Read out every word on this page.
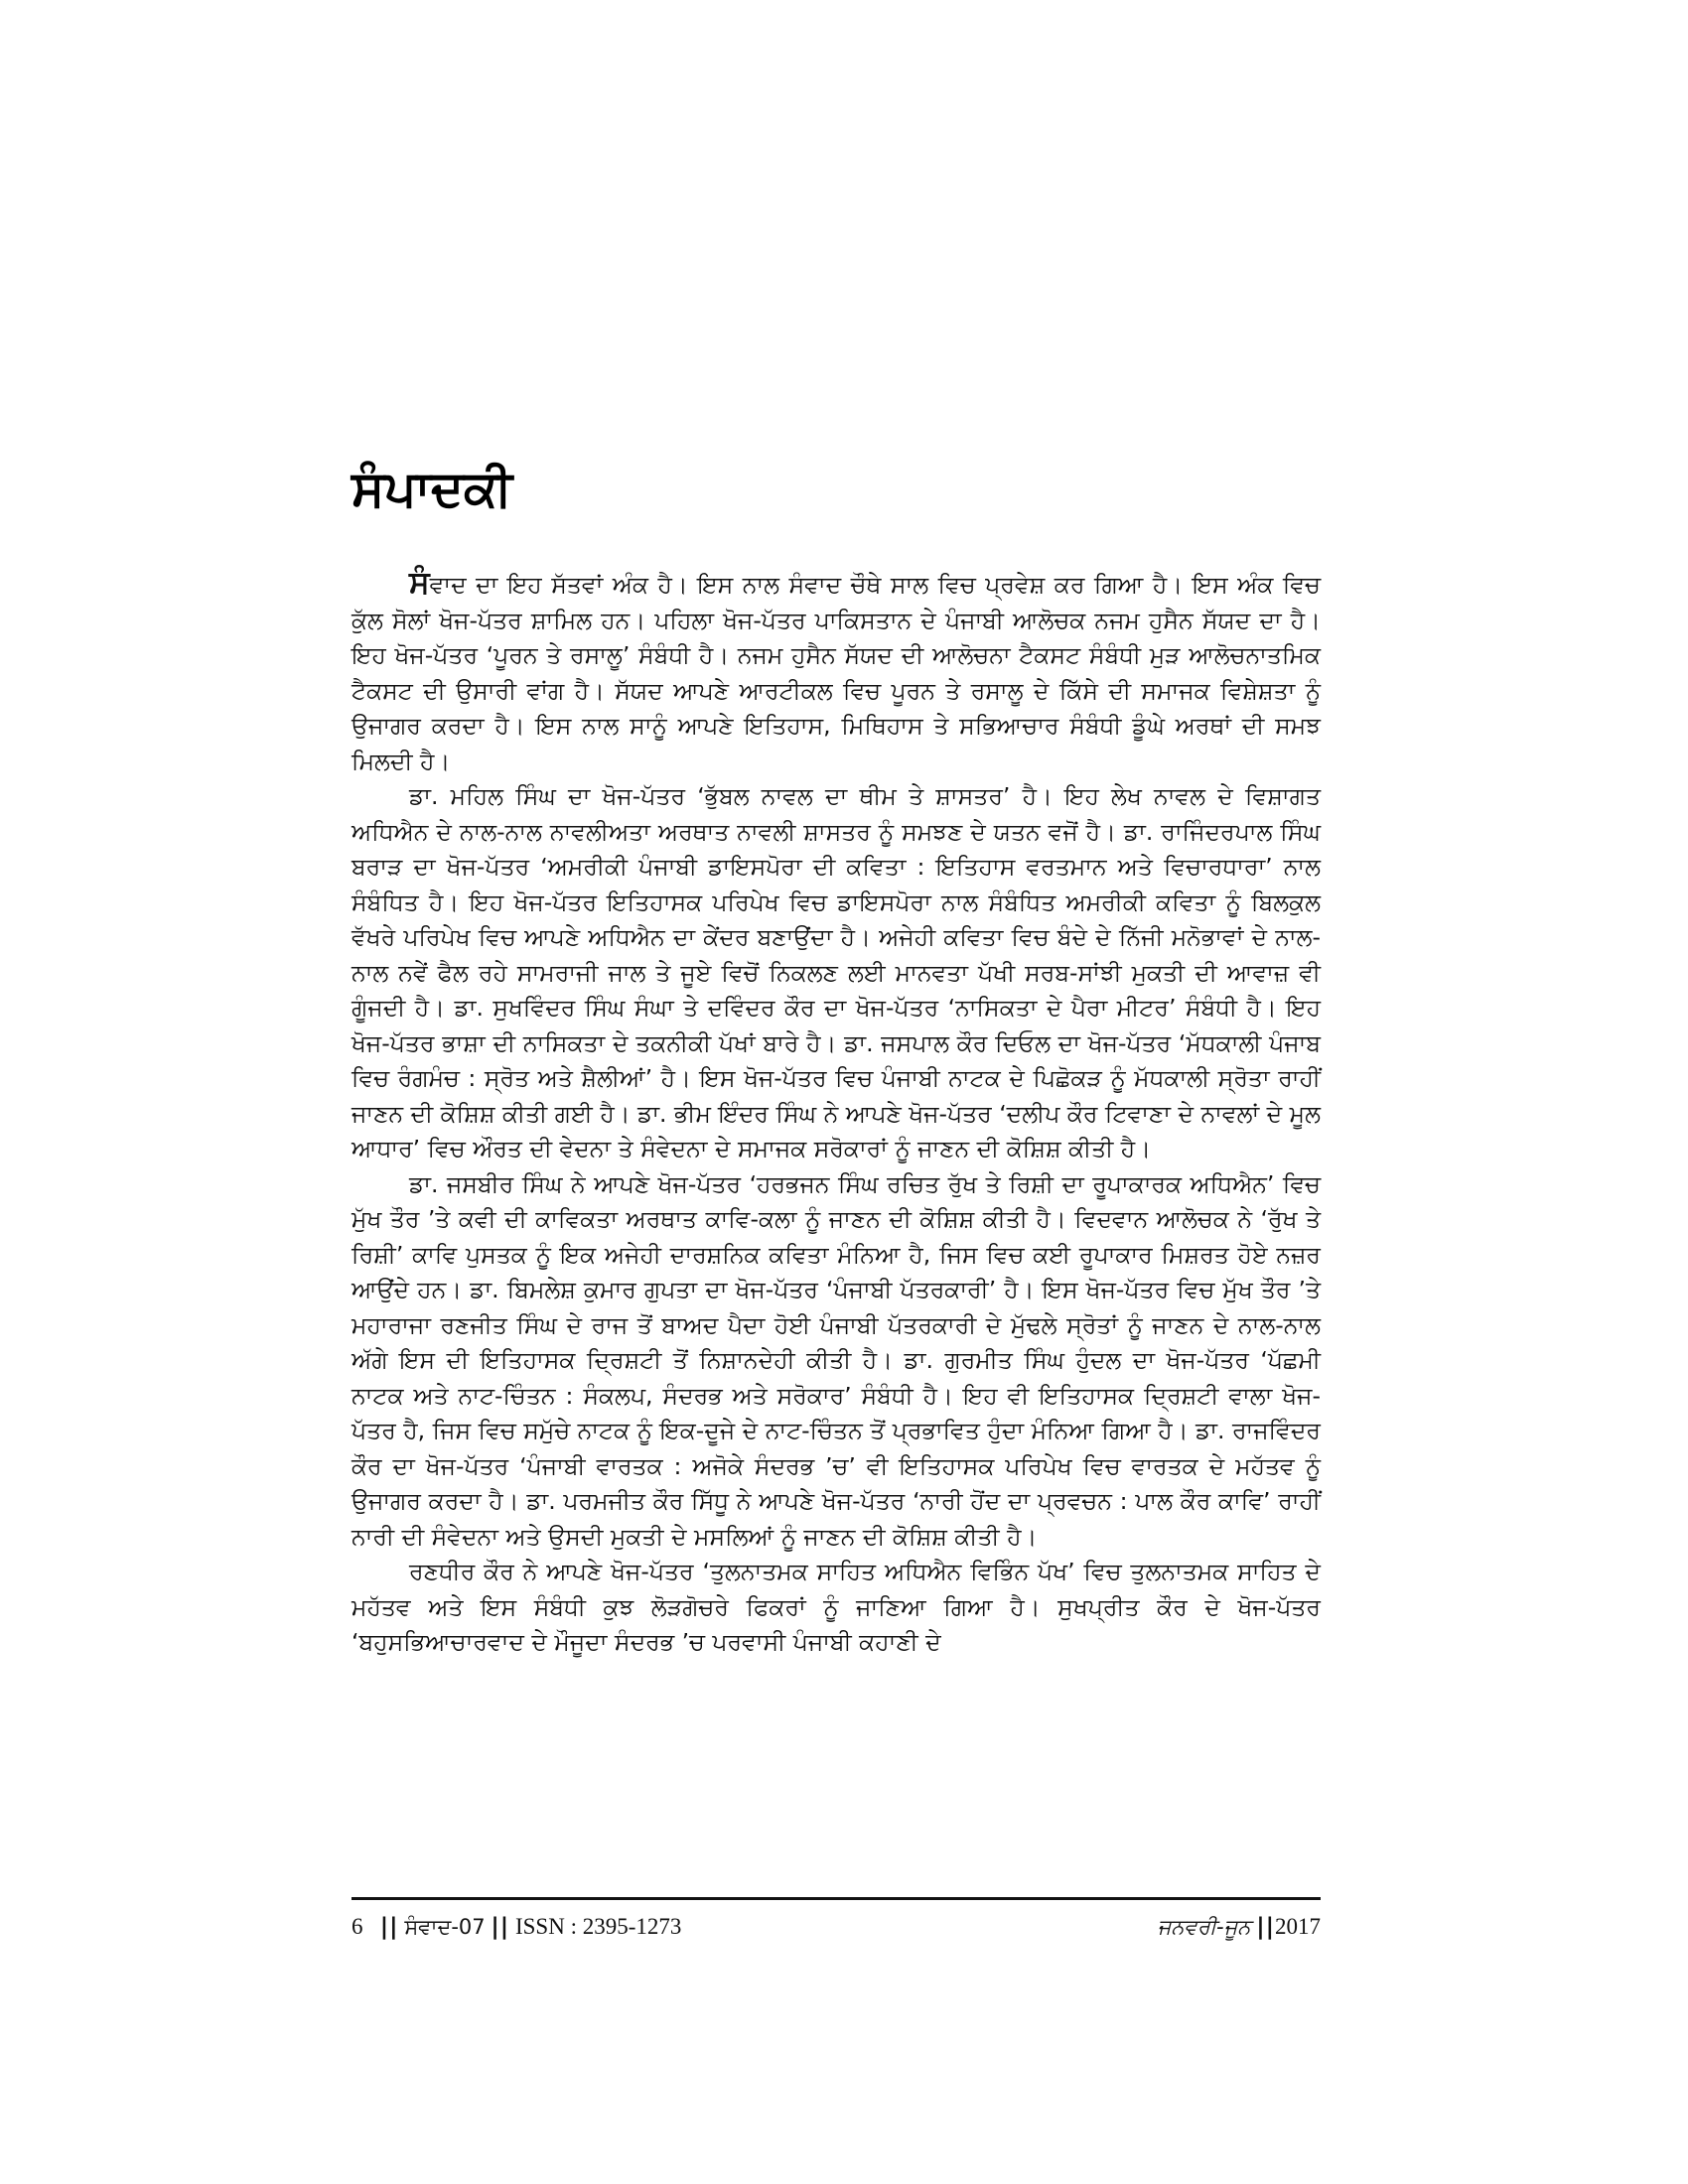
ਸੰਪਾਦਕੀ

ਸੰਵਾਦ ਦਾ ਇਹ ਸੱਤਵਾਂ ਅੰਕ ਹੈ। ਇਸ ਨਾਲ ਸੰਵਾਦ ਚੌਥੇ ਸਾਲ ਵਿਚ ਪ੍ਰਵੇਸ਼ ਕਰ ਗਿਆ ਹੈ। ਇਸ ਅੰਕ ਵਿਚ ਕੁੱਲ ਸੋਲਾਂ ਖੋਜ-ਪੱਤਰ ਸ਼ਾਮਿਲ ਹਨ। ਪਹਿਲਾ ਖੋਜ-ਪੱਤਰ ਪਾਕਿਸਤਾਨ ਦੇ ਪੰਜਾਬੀ ਆਲੋਚਕ ਨਜਮ ਹੁਸੈਨ ਸੱਯਦ ਦਾ ਹੈ। ਇਹ ਖੋਜ-ਪੱਤਰ ‘ਪੂਰਨ ਤੇ ਰਸਾਲੂ’ ਸੰਬੰਧੀ ਹੈ। ਨਜਮ ਹੁਸੈਨ ਸੱਯਦ ਦੀ ਆਲੋਚਨਾ ਟੈਕਸਟ ਸੰਬੰਧੀ ਮੁੜ ਆਲੋਚਨਾਤਮਿਕ ਟੈਕਸਟ ਦੀ ਉਸਾਰੀ ਵਾਂਗ ਹੈ। ਸੱਯਦ ਆਪਣੇ ਆਰਟੀਕਲ ਵਿਚ ਪੂਰਨ ਤੇ ਰਸਾਲੂ ਦੇ ਕਿੱਸੇ ਦੀ ਸਮਾਜਕ ਵਿਸ਼ੇਸ਼ਤਾ ਨੂੰ ਉਜਾਗਰ ਕਰਦਾ ਹੈ। ਇਸ ਨਾਲ ਸਾਨੂੰ ਆਪਣੇ ਇਤਿਹਾਸ, ਮਿਥਿਹਾਸ ਤੇ ਸਭਿਆਚਾਰ ਸੰਬੰਧੀ ਡੂੰਘੇ ਅਰਥਾਂ ਦੀ ਸਮਝ ਮਿਲਦੀ ਹੈ।

ਡਾ. ਮਹਿਲ ਸਿੰਘ ਦਾ ਖੋਜ-ਪੱਤਰ ‘ਭੁੱਬਲ ਨਾਵਲ ਦਾ ਥੀਮ ਤੇ ਸ਼ਾਸਤਰ’ ਹੈ। ਇਹ ਲੇਖ ਨਾਵਲ ਦੇ ਵਿਸ਼ਾਗਤ ਅਧਿਐਨ ਦੇ ਨਾਲ-ਨਾਲ ਨਾਵਲੀਅਤਾ ਅਰਥਾਤ ਨਾਵਲੀ ਸ਼ਾਸਤਰ ਨੂੰ ਸਮਝਣ ਦੇ ਯਤਨ ਵਜੋਂ ਹੈ। ਡਾ. ਰਾਜਿੰਦਰਪਾਲ ਸਿੰਘ ਬਰਾੜ ਦਾ ਖੋਜ-ਪੱਤਰ ‘ਅਮਰੀਕੀ ਪੰਜਾਬੀ ਡਾਇਸਪੋਰਾ ਦੀ ਕਵਿਤਾ : ਇਤਿਹਾਸ ਵਰਤਮਾਨ ਅਤੇ ਵਿਚਾਰਧਾਰਾ’ ਨਾਲ ਸੰਬੰਧਿਤ ਹੈ। ਇਹ ਖੋਜ-ਪੱਤਰ ਇਤਿਹਾਸਕ ਪਰਿਪੇਖ ਵਿਚ ਡਾਇਸਪੋਰਾ ਨਾਲ ਸੰਬੰਧਿਤ ਅਮਰੀਕੀ ਕਵਿਤਾ ਨੂੰ ਬਿਲਕੁਲ ਵੱਖਰੇ ਪਰਿਪੇਖ ਵਿਚ ਆਪਣੇ ਅਧਿਐਨ ਦਾ ਕੇਂਦਰ ਬਣਾਉਂਦਾ ਹੈ। ਅਜੇਹੀ ਕਵਿਤਾ ਵਿਚ ਬੰਦੇ ਦੇ ਨਿੱਜੀ ਮਨੋਭਾਵਾਂ ਦੇ ਨਾਲ-ਨਾਲ ਨਵੇਂ ਫੈਲ ਰਹੇ ਸਾਮਰਾਜੀ ਜਾਲ ਤੇ ਜੂਏ ਵਿਚੋਂ ਨਿਕਲਣ ਲਈ ਮਾਨਵਤਾ ਪੱਖੀ ਸਰਬ-ਸਾਂਝੀ ਮੁਕਤੀ ਦੀ ਆਵਾਜ਼ ਵੀ ਗੂੰਜਦੀ ਹੈ। ਡਾ. ਸੁਖਵਿੰਦਰ ਸਿੰਘ ਸੰਘਾ ਤੇ ਦਵਿੰਦਰ ਕੌਰ ਦਾ ਖੋਜ-ਪੱਤਰ ‘ਨਾਸਿਕਤਾ ਦੇ ਪੈਰਾ ਮੀਟਰ’ ਸੰਬੰਧੀ ਹੈ। ਇਹ ਖੋਜ-ਪੱਤਰ ਭਾਸ਼ਾ ਦੀ ਨਾਸਿਕਤਾ ਦੇ ਤਕਨੀਕੀ ਪੱਖਾਂ ਬਾਰੇ ਹੈ। ਡਾ. ਜਸਪਾਲ ਕੌਰ ਦਿਓਲ ਦਾ ਖੋਜ-ਪੱਤਰ ‘ਮੱਧਕਾਲੀ ਪੰਜਾਬ ਵਿਚ ਰੰਗਮੰਚ : ਸ੍ਰੋਤ ਅਤੇ ਸ਼ੈਲੀਆਂ’ ਹੈ। ਇਸ ਖੋਜ-ਪੱਤਰ ਵਿਚ ਪੰਜਾਬੀ ਨਾਟਕ ਦੇ ਪਿਛੋਕੜ ਨੂੰ ਮੱਧਕਾਲੀ ਸ੍ਰੋਤਾ ਰਾਹੀਂ ਜਾਣਨ ਦੀ ਕੋਸ਼ਿਸ਼ ਕੀਤੀ ਗਈ ਹੈ। ਡਾ. ਭੀਮ ਇੰਦਰ ਸਿੰਘ ਨੇ ਆਪਣੇ ਖੋਜ-ਪੱਤਰ ‘ਦਲੀਪ ਕੌਰ ਟਿਵਾਣਾ ਦੇ ਨਾਵਲਾਂ ਦੇ ਮੂਲ ਆਧਾਰ’ ਵਿਚ ਔਰਤ ਦੀ ਵੇਦਨਾ ਤੇ ਸੰਵੇਦਨਾ ਦੇ ਸਮਾਜਕ ਸਰੋਕਾਰਾਂ ਨੂੰ ਜਾਣਨ ਦੀ ਕੋਸ਼ਿਸ਼ ਕੀਤੀ ਹੈ।

ਡਾ. ਜਸਬੀਰ ਸਿੰਘ ਨੇ ਆਪਣੇ ਖੋਜ-ਪੱਤਰ ‘ਹਰਭਜਨ ਸਿੰਘ ਰਚਿਤ ਰੁੱਖ ਤੇ ਰਿਸ਼ੀ ਦਾ ਰੂਪਾਕਾਰਕ ਅਧਿਐਨ’ ਵਿਚ ਮੁੱਖ ਤੌਰ ’ਤੇ ਕਵੀ ਦੀ ਕਾਵਿਕਤਾ ਅਰਥਾਤ ਕਾਵਿ-ਕਲਾ ਨੂੰ ਜਾਣਨ ਦੀ ਕੋਸ਼ਿਸ਼ ਕੀਤੀ ਹੈ। ਵਿਦਵਾਨ ਆਲੋਚਕ ਨੇ ‘ਰੁੱਖ ਤੇ ਰਿਸ਼ੀ’ ਕਾਵਿ ਪੁਸਤਕ ਨੂੰ ਇਕ ਅਜੇਹੀ ਦਾਰਸ਼ਨਿਕ ਕਵਿਤਾ ਮੰਨਿਆ ਹੈ, ਜਿਸ ਵਿਚ ਕਈ ਰੂਪਾਕਾਰ ਮਿਸ਼ਰਤ ਹੋਏ ਨਜ਼ਰ ਆਉਂਦੇ ਹਨ। ਡਾ. ਬਿਮਲੇਸ਼ ਕੁਮਾਰ ਗੁਪਤਾ ਦਾ ਖੋਜ-ਪੱਤਰ ‘ਪੰਜਾਬੀ ਪੱਤਰਕਾਰੀ’ ਹੈ। ਇਸ ਖੋਜ-ਪੱਤਰ ਵਿਚ ਮੁੱਖ ਤੌਰ ’ਤੇ ਮਹਾਰਾਜਾ ਰਣਜੀਤ ਸਿੰਘ ਦੇ ਰਾਜ ਤੋਂ ਬਾਅਦ ਪੈਦਾ ਹੋਈ ਪੰਜਾਬੀ ਪੱਤਰਕਾਰੀ ਦੇ ਮੁੱਢਲੇ ਸ੍ਰੋਤਾਂ ਨੂੰ ਜਾਣਨ ਦੇ ਨਾਲ-ਨਾਲ ਅੱਗੇ ਇਸ ਦੀ ਇਤਿਹਾਸਕ ਦ੍ਰਿਸ਼ਟੀ ਤੋਂ ਨਿਸ਼ਾਨਦੇਹੀ ਕੀਤੀ ਹੈ। ਡਾ. ਗੁਰਮੀਤ ਸਿੰਘ ਹੁੰਦਲ ਦਾ ਖੋਜ-ਪੱਤਰ ‘ਪੱਛਮੀ ਨਾਟਕ ਅਤੇ ਨਾਟ-ਚਿੰਤਨ : ਸੰਕਲਪ, ਸੰਦਰਭ ਅਤੇ ਸਰੋਕਾਰ’ ਸੰਬੰਧੀ ਹੈ। ਇਹ ਵੀ ਇਤਿਹਾਸਕ ਦ੍ਰਿਸ਼ਟੀ ਵਾਲਾ ਖੋਜ-ਪੱਤਰ ਹੈ, ਜਿਸ ਵਿਚ ਸਮੁੱਚੇ ਨਾਟਕ ਨੂੰ ਇਕ-ਦੂਜੇ ਦੇ ਨਾਟ-ਚਿੰਤਨ ਤੋਂ ਪ੍ਰਭਾਵਿਤ ਹੁੰਦਾ ਮੰਨਿਆ ਗਿਆ ਹੈ। ਡਾ. ਰਾਜਵਿੰਦਰ ਕੌਰ ਦਾ ਖੋਜ-ਪੱਤਰ ‘ਪੰਜਾਬੀ ਵਾਰਤਕ : ਅਜੋਕੇ ਸੰਦਰਭ ’ਚ’ ਵੀ ਇਤਿਹਾਸਕ ਪਰਿਪੇਖ ਵਿਚ ਵਾਰਤਕ ਦੇ ਮਹੱਤਵ ਨੂੰ ਉਜਾਗਰ ਕਰਦਾ ਹੈ। ਡਾ. ਪਰਮਜੀਤ ਕੌਰ ਸਿੱਧੂ ਨੇ ਆਪਣੇ ਖੋਜ-ਪੱਤਰ ‘ਨਾਰੀ ਹੋਂਦ ਦਾ ਪ੍ਰਵਚਨ : ਪਾਲ ਕੌਰ ਕਾਵਿ’ ਰਾਹੀਂ ਨਾਰੀ ਦੀ ਸੰਵੇਦਨਾ ਅਤੇ ਉਸਦੀ ਮੁਕਤੀ ਦੇ ਮਸਲਿਆਂ ਨੂੰ ਜਾਣਨ ਦੀ ਕੋਸ਼ਿਸ਼ ਕੀਤੀ ਹੈ।

ਰਣਧੀਰ ਕੌਰ ਨੇ ਆਪਣੇ ਖੋਜ-ਪੱਤਰ ‘ਤੁਲਨਾਤਮਕ ਸਾਹਿਤ ਅਧਿਐਨ ਵਿਭਿੰਨ ਪੱਖ’ ਵਿਚ ਤੁਲਨਾਤਮਕ ਸਾਹਿਤ ਦੇ ਮਹੱਤਵ ਅਤੇ ਇਸ ਸੰਬੰਧੀ ਕੁਝ ਲੋੜਗੋਚਰੇ ਫਿਕਰਾਂ ਨੂੰ ਜਾਣਿਆ ਗਿਆ ਹੈ। ਸੁਖਪ੍ਰੀਤ ਕੌਰ ਦੇ ਖੋਜ-ਪੱਤਰ ‘ਬਹੁਸਭਿਆਚਾਰਵਾਦ ਦੇ ਮੌਜੂਦਾ ਸੰਦਰਭ ’ਚ ਪਰਵਾਸੀ ਪੰਜਾਬੀ ਕਹਾਣੀ ਦੇ

6 || ਸੰਵਾਦ-07 || ISSN : 2395-1273	ਜਨਵਰੀ-ਜੂਨ ||2017
